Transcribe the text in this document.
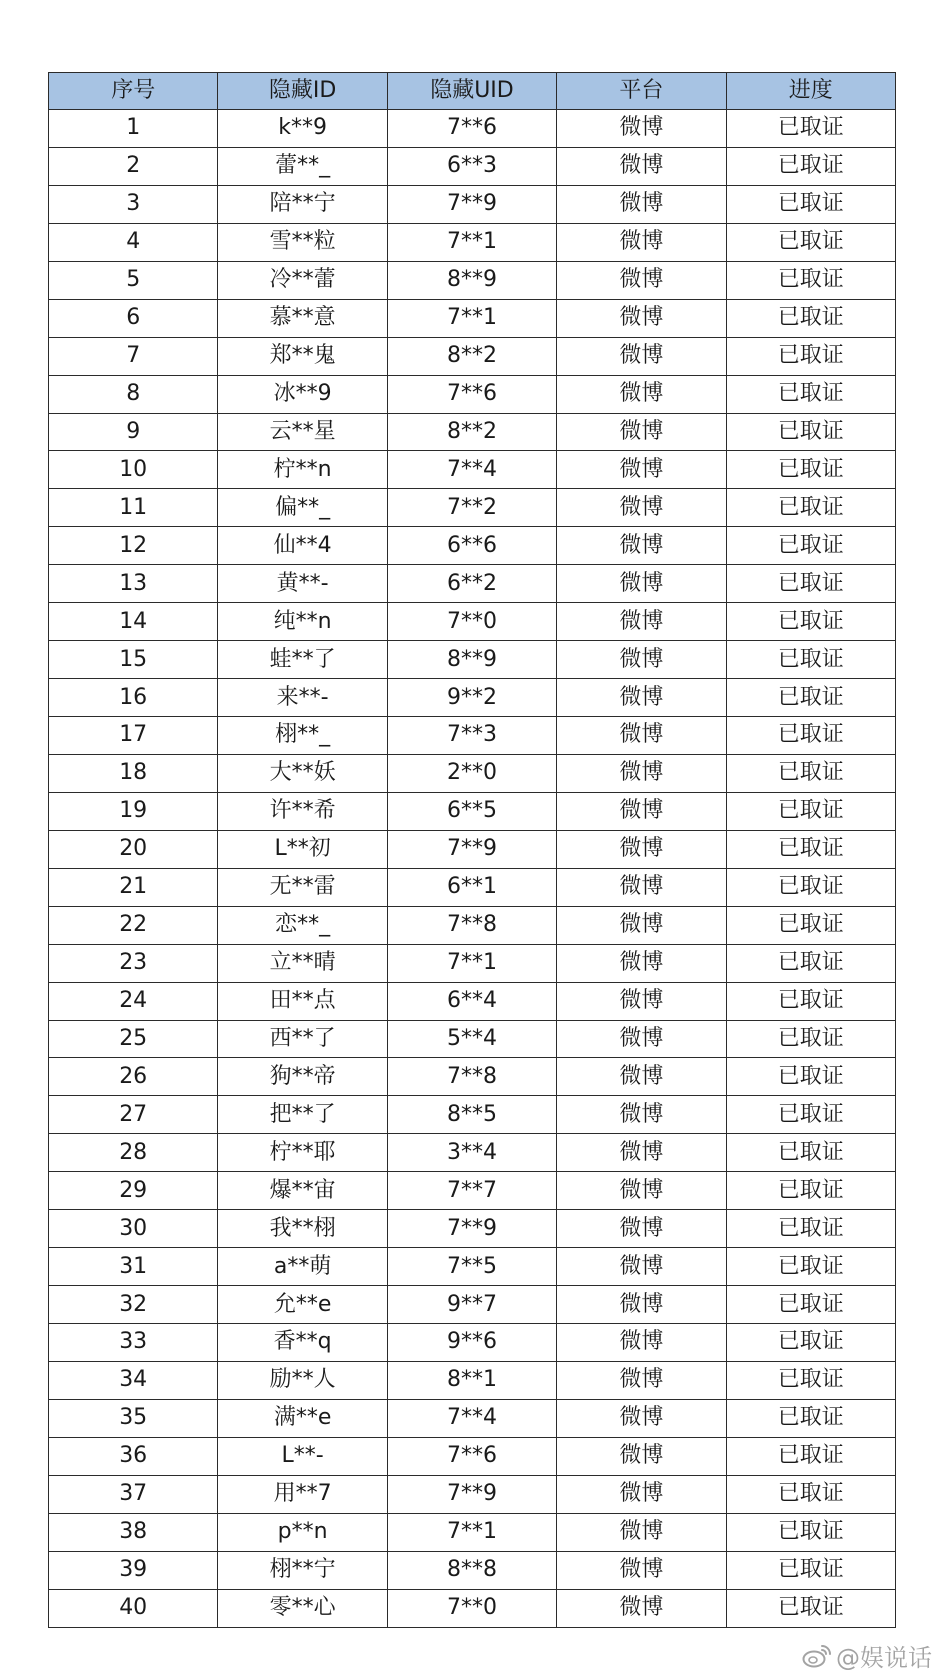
序号	隐藏ID	隐藏UID	平台	进度
1	k**9	7**6	微博	已取证
2	蕾**_	6**3	微博	已取证
3	陪**宁	7**9	微博	已取证
4	雪**粒	7**1	微博	已取证
5	冷**蕾	8**9	微博	已取证
6	慕**意	7**1	微博	已取证
7	郑**鬼	8**2	微博	已取证
8	冰**9	7**6	微博	已取证
9	云**星	8**2	微博	已取证
10	柠**n	7**4	微博	已取证
11	偏**_	7**2	微博	已取证
12	仙**4	6**6	微博	已取证
13	黄**-	6**2	微博	已取证
14	纯**n	7**0	微博	已取证
15	蛙**了	8**9	微博	已取证
16	来**-	9**2	微博	已取证
17	栩**_	7**3	微博	已取证
18	大**妖	2**0	微博	已取证
19	许**希	6**5	微博	已取证
20	L**初	7**9	微博	已取证
21	无**雷	6**1	微博	已取证
22	恋**_	7**8	微博	已取证
23	立**晴	7**1	微博	已取证
24	田**点	6**4	微博	已取证
25	西**了	5**4	微博	已取证
26	狗**帝	7**8	微博	已取证
27	把**了	8**5	微博	已取证
28	柠**耶	3**4	微博	已取证
29	爆**宙	7**7	微博	已取证
30	我**栩	7**9	微博	已取证
31	a**萌	7**5	微博	已取证
32	允**e	9**7	微博	已取证
33	香**q	9**6	微博	已取证
34	励**人	8**1	微博	已取证
35	满**e	7**4	微博	已取证
36	L**-	7**6	微博	已取证
37	用**7	7**9	微博	已取证
38	p**n	7**1	微博	已取证
39	栩**宁	8**8	微博	已取证
40	零**心	7**0	微博	已取证
@娱说话
